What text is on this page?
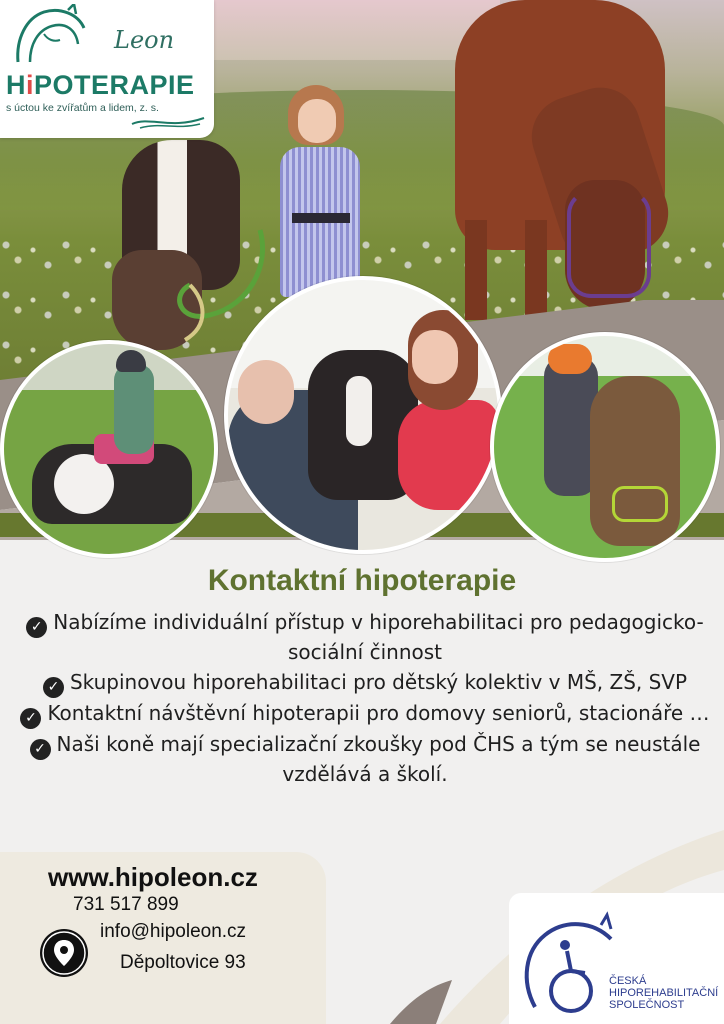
Leon
HiPOTERAPIE
s úctou ke zvířatům a lidem, z. s.
Kontaktní hipoterapie
✓ Nabízíme individuální přístup v hiporehabilitaci pro pedagogicko-sociální činnost
✓ Skupinovou hiporehabilitaci pro dětský kolektiv v MŠ, ZŠ, SVP
✓ Kontaktní návštěvní hipoterapii pro domovy seniorů, stacionáře …
✓ Naši koně mají specializační zkoušky pod ČHS a tým se neustále vzdělává a školí.
www.hipoleon.cz
731 517 899
info@hipoleon.cz
Děpoltovice 93
ČESKÁ
HIPOREHABILITAČNÍ
SPOLEČNOST
